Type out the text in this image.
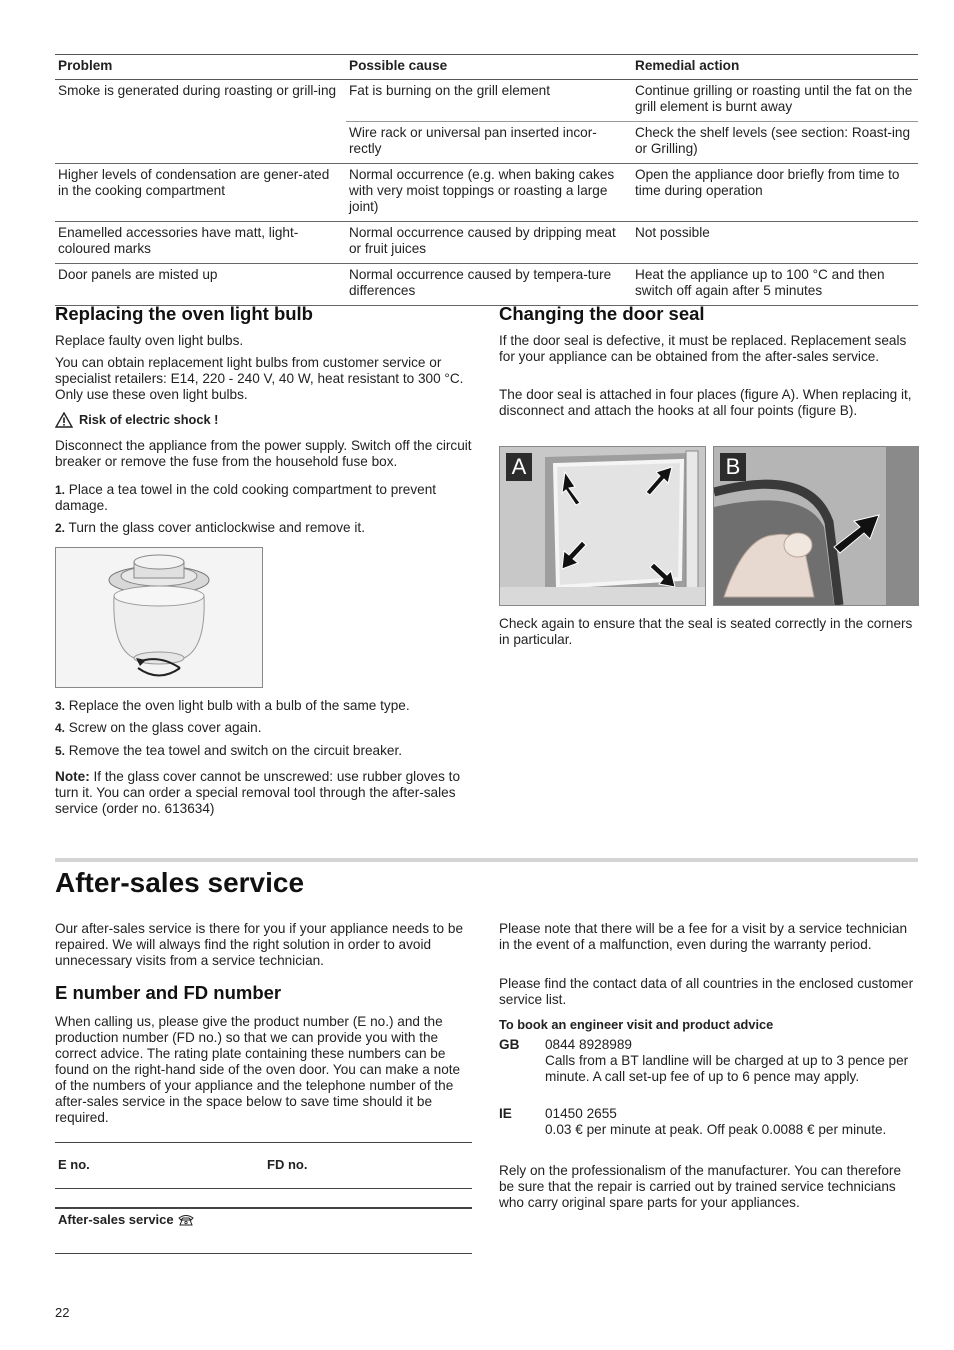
Problem	Possible cause	Remedial action
Smoke is generated during roasting or grill-ing	Fat is burning on the grill element	Continue grilling or roasting until the fat on the grill element is burnt away
	Wire rack or universal pan inserted incor-rectly	Check the shelf levels (see section: Roast-ing or Grilling)
Higher levels of condensation are gener-ated in the cooking compartment	Normal occurrence (e.g. when baking cakes with very moist toppings or roasting a large joint)	Open the appliance door briefly from time to time during operation
Enamelled accessories have matt, light-coloured marks	Normal occurrence caused by dripping meat or fruit juices	Not possible
Door panels are misted up	Normal occurrence caused by tempera-ture differences	Heat the appliance up to 100 °C and then switch off again after 5 minutes
Replacing the oven light bulb

Replace faulty oven light bulbs.

You can obtain replacement light bulbs from customer service or specialist retailers: E14, 220 - 240 V, 40 W, heat resistant to 300 °C. Only use these oven light bulbs.

Risk of electric shock !

Disconnect the appliance from the power supply. Switch off the circuit breaker or remove the fuse from the household fuse box.

1. Place a tea towel in the cold cooking compartment to prevent damage.
2. Turn the glass cover anticlockwise and remove it.
3. Replace the oven light bulb with a bulb of the same type.
4. Screw on the glass cover again.
5. Remove the tea towel and switch on the circuit breaker.

Note: If the glass cover cannot be unscrewed: use rubber gloves to turn it. You can order a special removal tool through the after-sales service (order no. 613634)

Changing the door seal

If the door seal is defective, it must be replaced. Replacement seals for your appliance can be obtained from the after-sales service.

The door seal is attached in four places (figure A). When replacing it, disconnect and attach the hooks at all four points (figure B).

A	B

Check again to ensure that the seal is seated correctly in the corners in particular.

After-sales service

Our after-sales service is there for you if your appliance needs to be repaired. We will always find the right solution in order to avoid unnecessary visits from a service technician.

E number and FD number

When calling us, please give the product number (E no.) and the production number (FD no.) so that we can provide you with the correct advice. The rating plate containing these numbers can be found on the right-hand side of the oven door. You can make a note of the numbers of your appliance and the telephone number of the after-sales service in the space below to save time should it be required.

E no.	FD no.
After-sales service

Please note that there will be a fee for a visit by a service technician in the event of a malfunction, even during the warranty period.

Please find the contact data of all countries in the enclosed customer service list.

To book an engineer visit and product advice
GB	0844 8928989
Calls from a BT landline will be charged at up to 3 pence per minute. A call set-up fee of up to 6 pence may apply.
IE	01450 2655
0.03 € per minute at peak. Off peak 0.0088 € per minute.

Rely on the professionalism of the manufacturer. You can therefore be sure that the repair is carried out by trained service technicians who carry original spare parts for your appliances.

22
